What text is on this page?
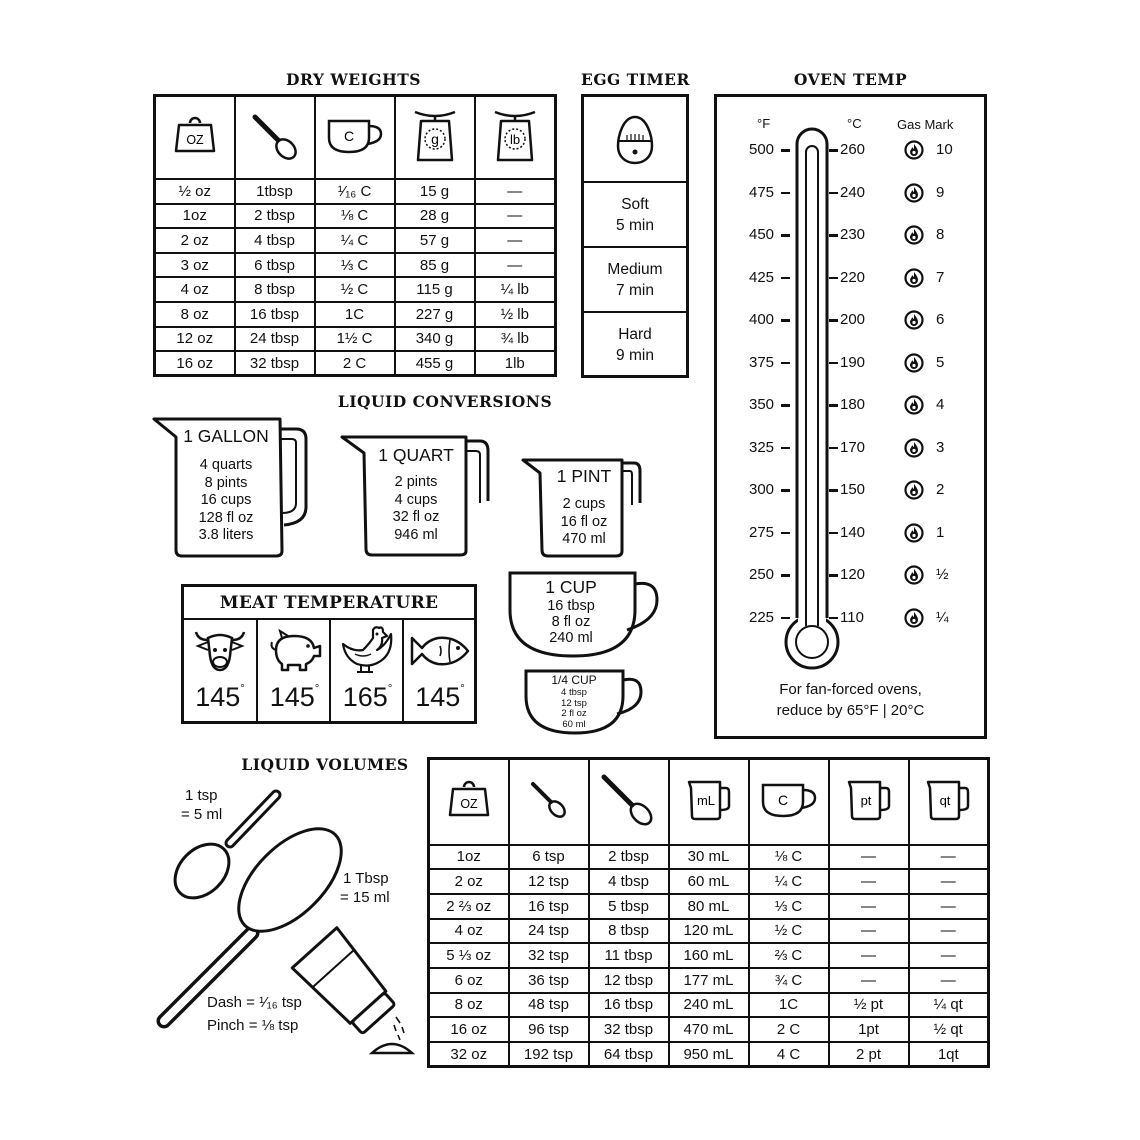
DRY WEIGHTS
OZ		C	g	lb

½ oz	1tbsp	¹⁄₁₆ C	15 g	—
1oz	2 tbsp	⅛ C	28 g	—
2 oz	4 tbsp	¼ C	57 g	—
3 oz	6 tbsp	⅓ C	85 g	—
4 oz	8 tbsp	½ C	115 g	¼ lb
8 oz	16 tbsp	1C	227 g	½ lb
12 oz	24 tbsp	1½ C	340 g	¾ lb
16 oz	32 tbsp	2 C	455 g	1lb
EGG TIMER
Soft
5 min
Medium
7 min
Hard
9 min
OVEN TEMP
°F	°C	Gas Mark
500	260	10
475	240	9
450	230	8
425	220	7
400	200	6
375	190	5
350	180	4
325	170	3
300	150	2
275	140	1
250	120	½
225	110	¼
For fan-forced ovens,
reduce by 65°F | 20°C
LIQUID CONVERSIONS
1 GALLON
4 quarts
8 pints
16 cups
128 fl oz
3.8 liters
1 QUART
2 pints
4 cups
32 fl oz
946 ml
1 PINT
2 cups
16 fl oz
470 ml
1 CUP
16 tbsp
8 fl oz
240 ml
1/4 CUP
4 tbsp
12 tsp
2 fl oz
60 ml
MEAT TEMPERATURE
145° 145° 165° 145°
LIQUID VOLUMES
1 tsp
= 5 ml
1 Tbsp
= 15 ml
Dash = ¹⁄₁₆ tsp
Pinch = ⅛ tsp
OZ			mL	C	pt	qt

1oz	6 tsp	2 tbsp	30 mL	⅛ C	—	—
2 oz	12 tsp	4 tbsp	60 mL	¼ C	—	—
2 ⅔ oz	16 tsp	5 tbsp	80 mL	⅓ C	—	—
4 oz	24 tsp	8 tbsp	120 mL	½ C	—	—
5 ⅓ oz	32 tsp	11 tbsp	160 mL	⅔ C	—	—
6 oz	36 tsp	12 tbsp	177 mL	¾ C	—	—
8 oz	48 tsp	16 tbsp	240 mL	1C	½ pt	¼ qt
16 oz	96 tsp	32 tbsp	470 mL	2 C	1pt	½ qt
32 oz	192 tsp	64 tbsp	950 mL	4 C	2 pt	1qt
